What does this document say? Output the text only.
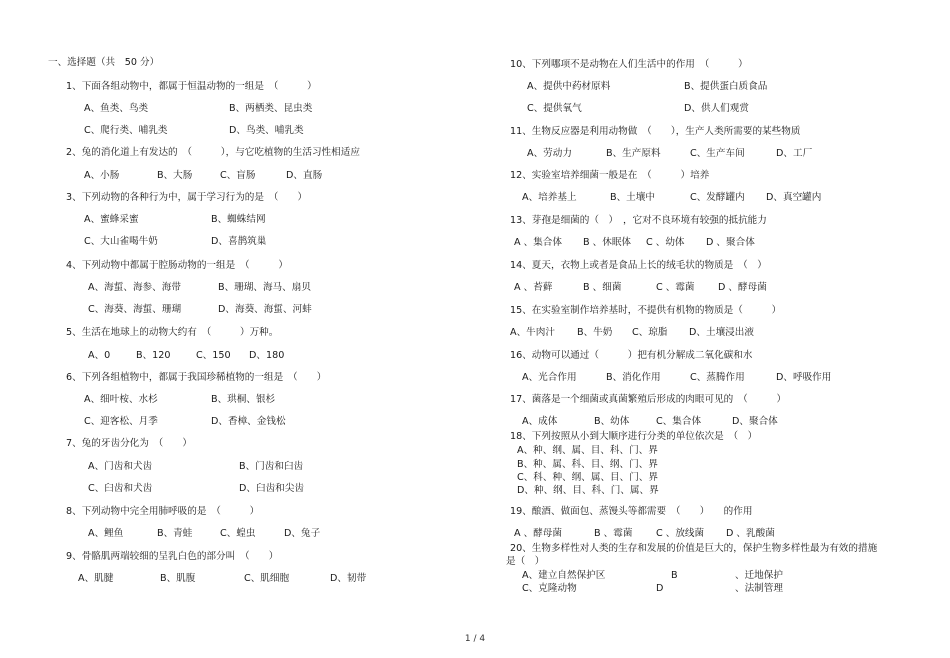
一、选择题（共　50 分）
1、下面各组动物中，都属于恒温动物的一组是　（　　　）
A、鱼类、鸟类	B、两栖类、昆虫类
C、爬行类、哺乳类	D、鸟类、哺乳类
2、兔的消化道上有发达的　（　　　），与它吃植物的生活习性相适应
A、小肠	B、大肠	C、盲肠	D、直肠
3、下列动物的各种行为中，属于学习行为的是　（　　）
A、蜜蜂采蜜	B、蜘蛛结网
C、大山雀喝牛奶	D、喜鹊筑巢
4、下列动物中都属于腔肠动物的一组是　（　　　）
A、海蜇、海参、海带	B、珊瑚、海马、扇贝
C、海葵、海蜇、珊瑚	D、海葵、海蜇、河蚌
5、生活在地球上的动物大约有　（　　　）万种。
A、0	B、120	C、150 D、180
6、下列各组植物中，都属于我国珍稀植物的一组是　（　　）
A、细叶桉、水杉	B、珙桐、银杉
C、迎客松、月季	D、香樟、金钱松
7、兔的牙齿分化为　（　　）
A、门齿和犬齿	B、门齿和臼齿
C、臼齿和犬齿	D、臼齿和尖齿
8、下列动物中完全用肺呼吸的是　（　　　）
A、鲤鱼	B、青蛙	C、蝗虫	D、兔子
9、骨骼肌两端较细的呈乳白色的部分叫　（　　）
A、肌腱	B、肌腹	C、肌细胞	D、韧带
10、下列哪项不是动物在人们生活中的作用　（　　　）
A、提供中药材原料	B、提供蛋白质食品
C、提供氧气	D、供人们观赏
11、生物反应器是利用动物做　（　　），生产人类所需要的某些物质
A、劳动力	B、生产原料	C、生产车间	D、工厂
12、实验室培养细菌一般是在　（　　　）培养
A、培养基上	B、土壤中	C、发酵罐内 D、真空罐内
13、芽孢是细菌的（　）　，它对不良环境有较强的抵抗能力
A 、集合体 B 、休眠体 C 、幼体 D 、聚合体
14、夏天，衣物上或者是食品上长的绒毛状的物质是　（　）
A 、苔藓	B 、细菌	C 、霉菌 D 、酵母菌
15、在实验室制作培养基时，不提供有机物的物质是（　　　）
A、牛肉汁 B、牛奶 C、琼脂 D、土壤浸出液
16、动物可以通过（　　　）把有机分解成二氧化碳和水
A、光合作用	B、消化作用	C、蒸腾作用	D、呼吸作用
17、菌落是一个细菌或真菌繁殖后形成的肉眼可见的　（　　　）
A、成体	B、幼体	C、集合体	D、聚合体
18、下列按照从小到大顺序进行分类的单位依次是　（　）
A、种、纲、属、目、科、门、界
B、种、属、科、目、纲、门、界
C、科、种、纲、属、目、门、界
D、种、纲、目、科、门、属、界
19、酿酒、做面包、蒸馒头等都需要　（　　）　　的作用
A 、酵母菌	B 、霉菌 C 、放线菌 D 、乳酸菌
20、生物多样性对人类的生存和发展的价值是巨大的，保护生物多样性最为有效的措施
是（　）
A、建立自然保护区	B	、迁地保护
C、克隆动物	D	、法制管理
1 / 4
